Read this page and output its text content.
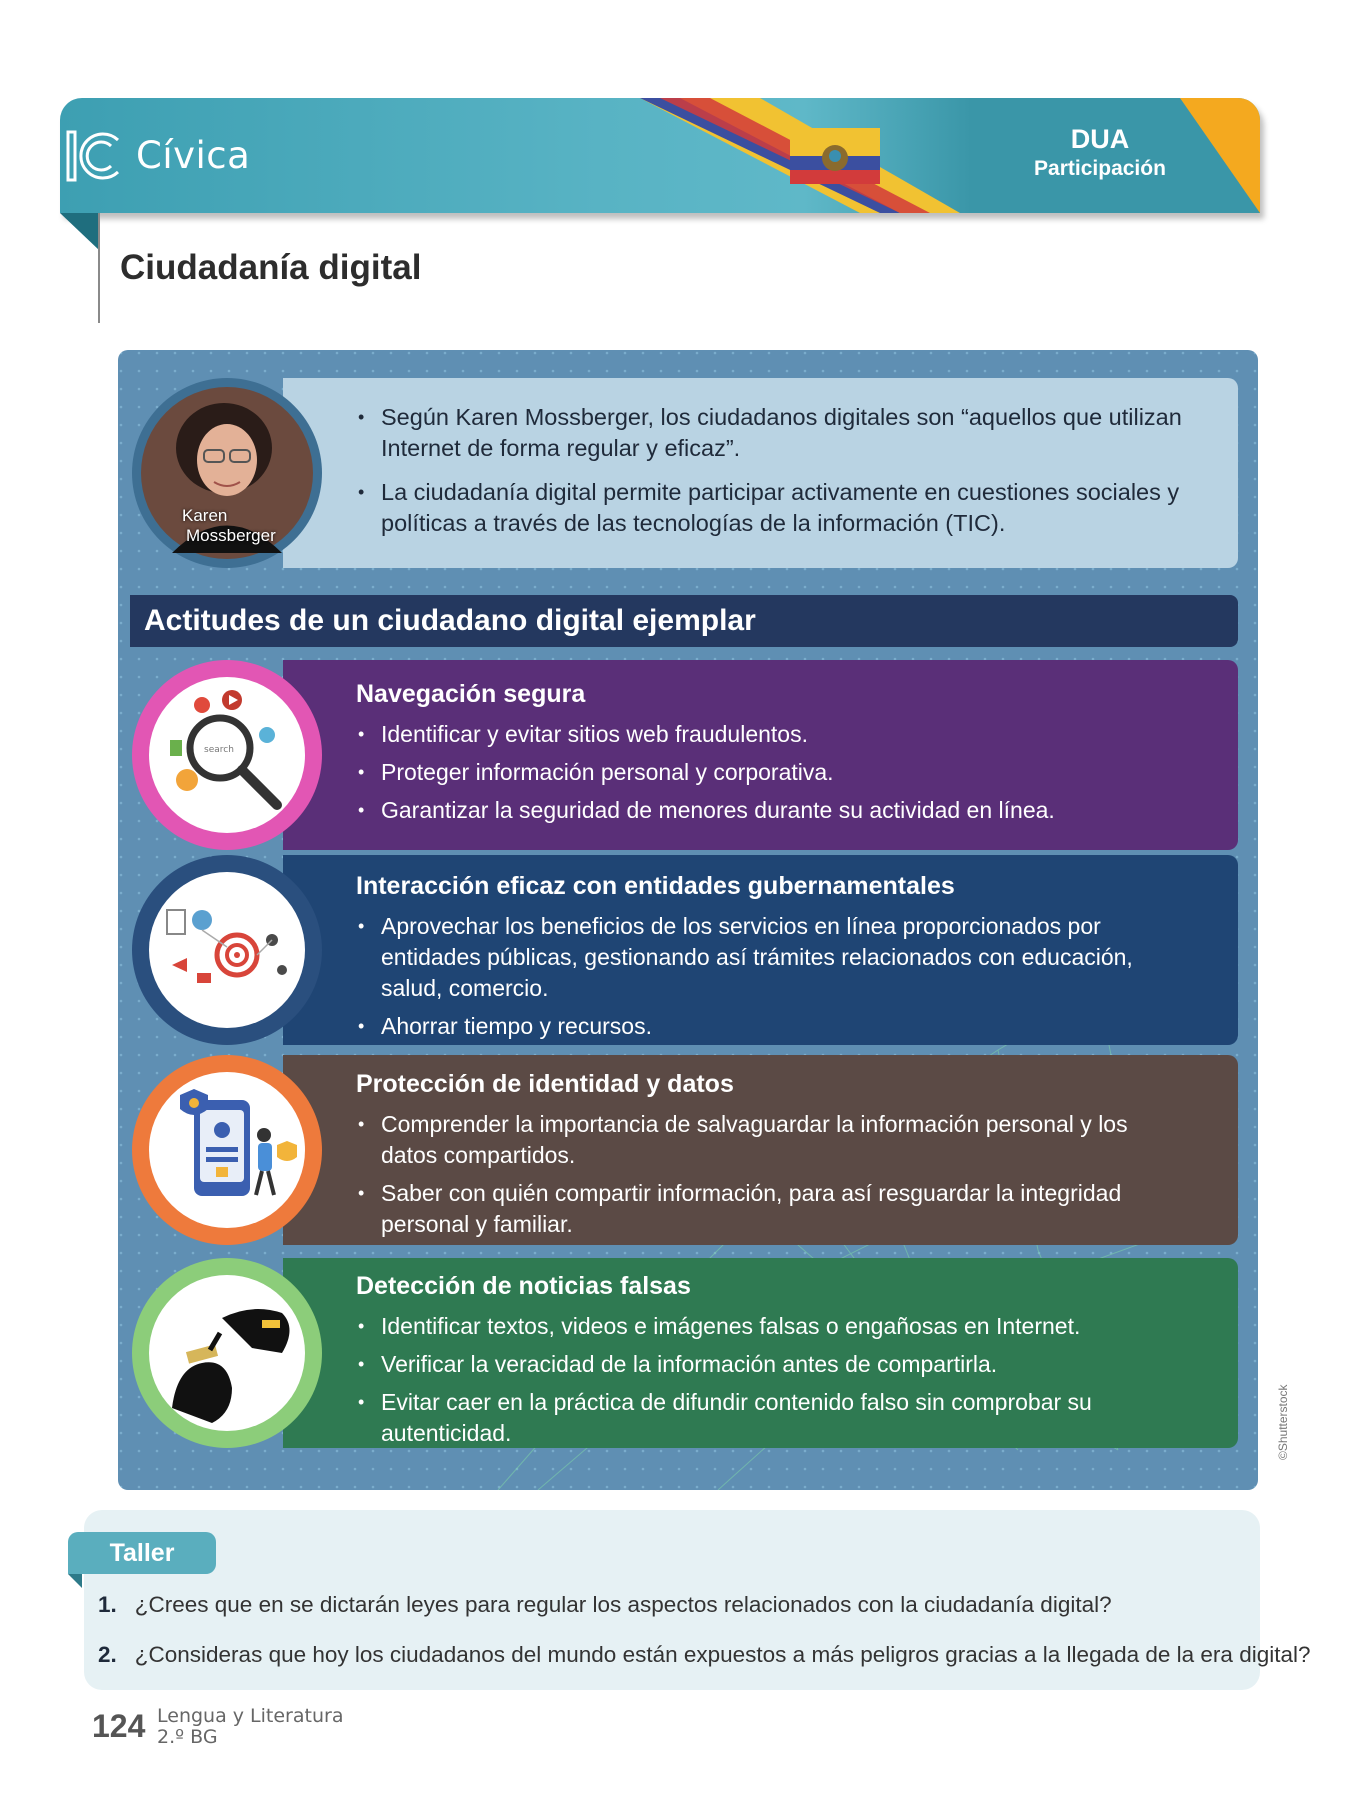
Cívica	DUA
Participación
Ciudadanía digital
Karen
Mossberger
• Según Karen Mossberger, los ciudadanos digitales son “aquellos que utilizan Internet de forma regular y eficaz”.
• La ciudadanía digital permite participar activamente en cuestiones sociales y políticas a través de las tecnologías de la información (TIC).
Actitudes de un ciudadano digital ejemplar
search
Navegación segura
• Identificar y evitar sitios web fraudulentos.
• Proteger información personal y corporativa.
• Garantizar la seguridad de menores durante su actividad en línea.
Interacción eficaz con entidades gubernamentales
• Aprovechar los beneficios de los servicios en línea proporcionados por entidades públicas, gestionando así trámites relacionados con educación, salud, comercio.
• Ahorrar tiempo y recursos.
Protección de identidad y datos
• Comprender la importancia de salvaguardar la información personal y los datos compartidos.
• Saber con quién compartir información, para así resguardar la integridad personal y familiar.
Detección de noticias falsas
• Identificar textos, videos e imágenes falsas o engañosas en Internet.
• Verificar la veracidad de la información antes de compartirla.
• Evitar caer en la práctica de difundir contenido falso sin comprobar su autenticidad.	©Shutterstock
Taller
1. ¿Crees que en se dictarán leyes para regular los aspectos relacionados con la ciudadanía digital?
2. ¿Consideras que hoy los ciudadanos del mundo están expuestos a más peligros gracias a la llegada de la era digital?
124 Lengua y Literatura
2.º BG
